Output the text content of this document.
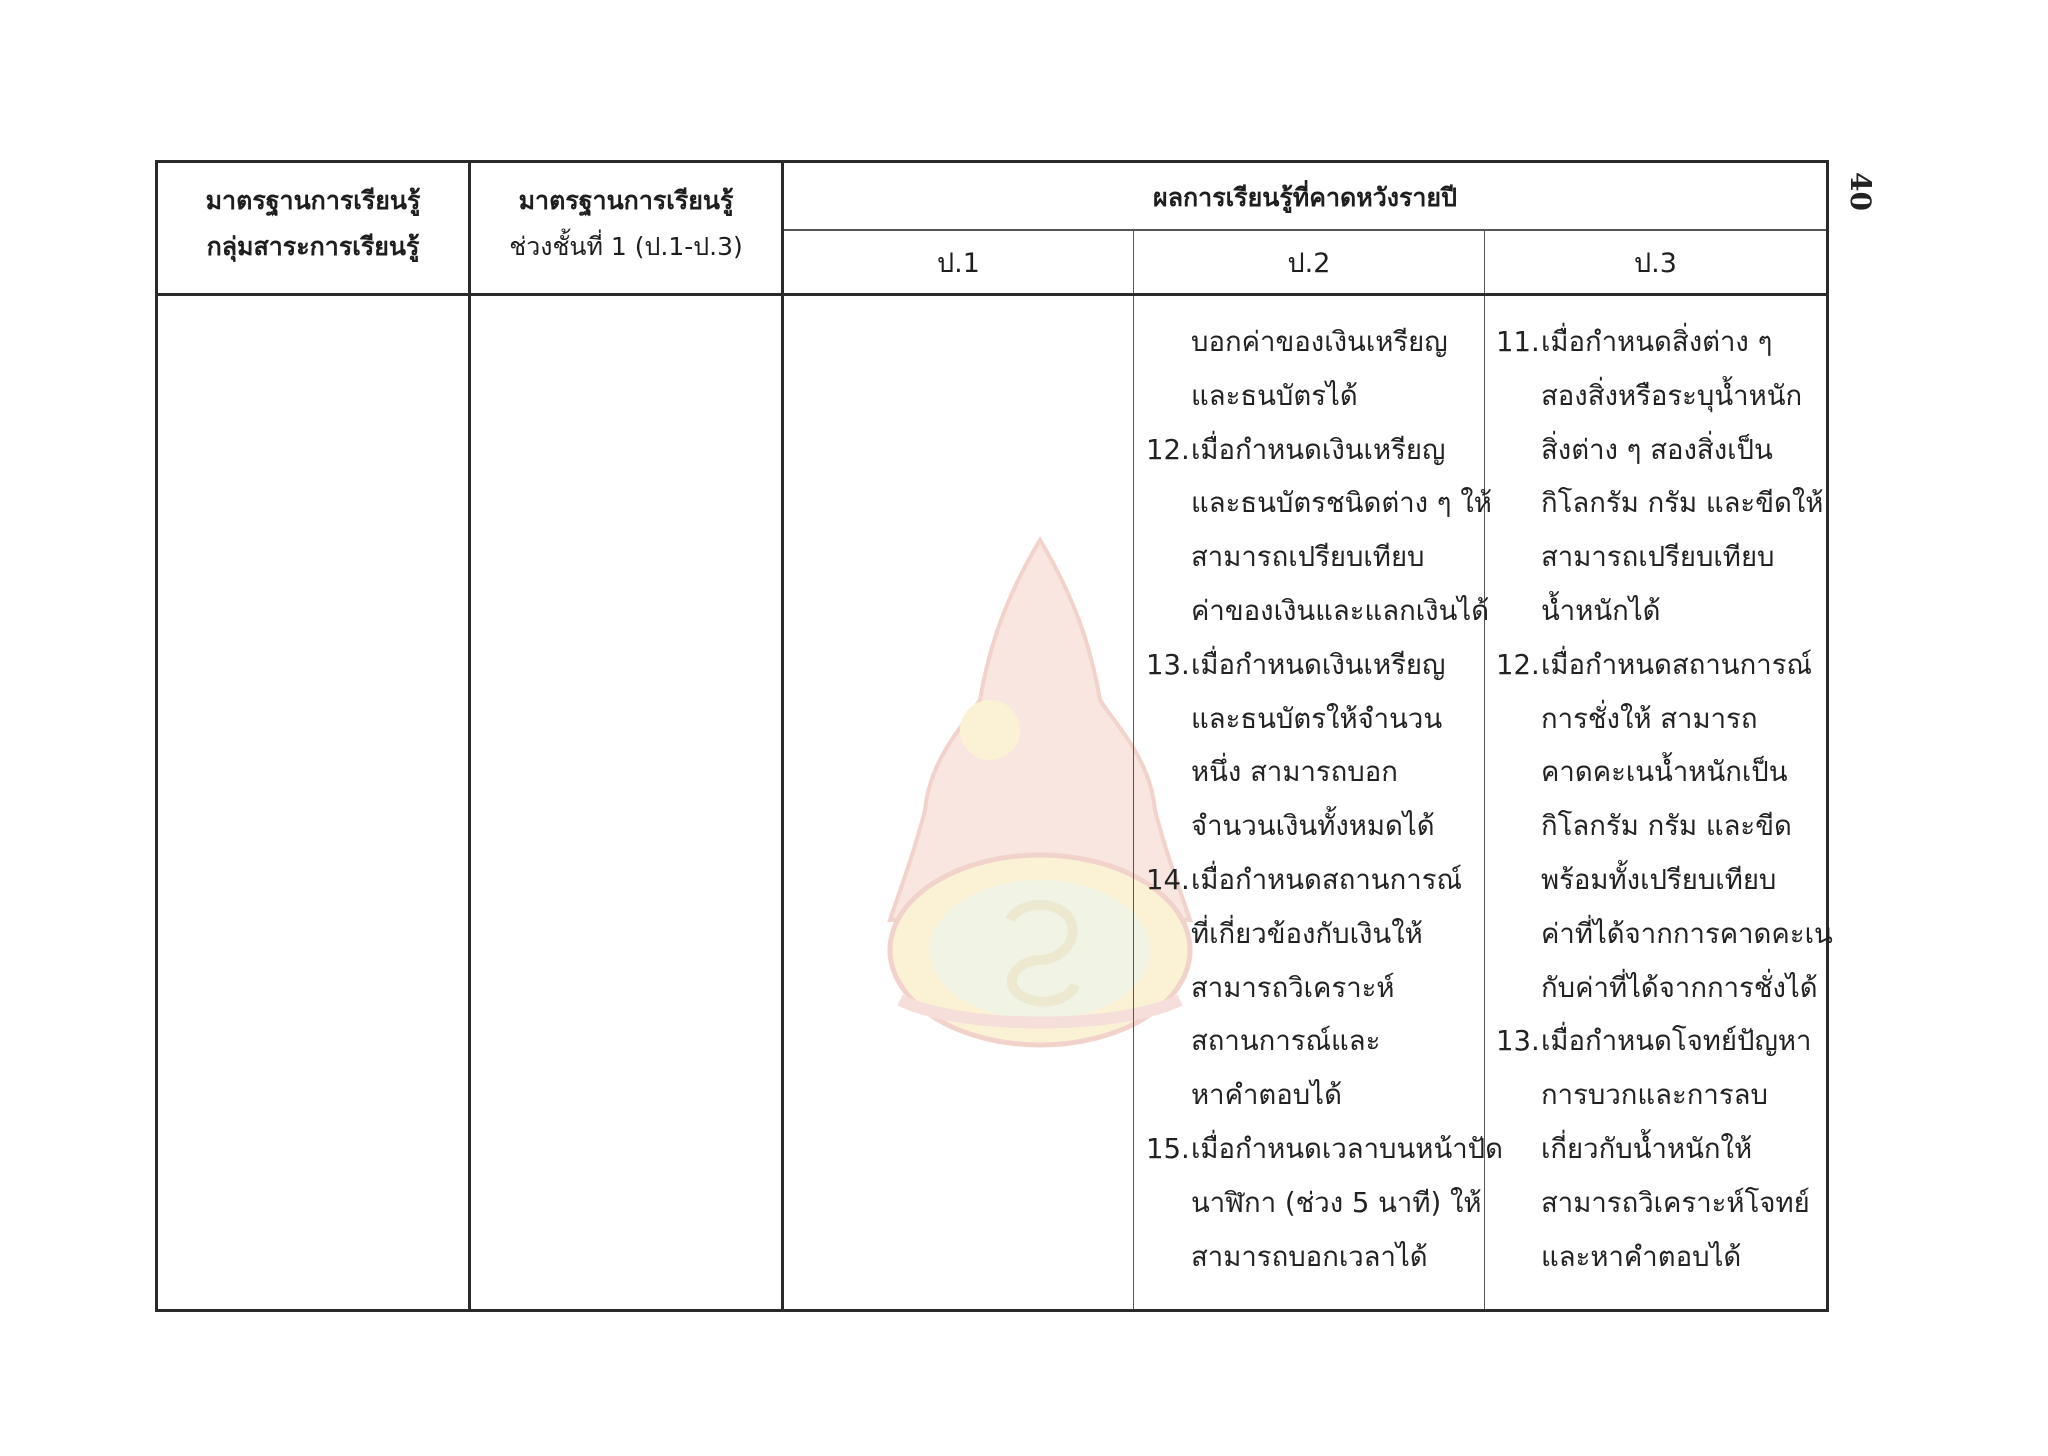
40
มาตรฐานการเรียนรู้
กลุ่มสาระการเรียนรู้
มาตรฐานการเรียนรู้
ช่วงชั้นที่ 1 (ป.1-ป.3)
ผลการเรียนรู้ที่คาดหวังรายปี
ป.1	ป.2	ป.3
บอกค่าของเงินเหรียญ
และธนบัตรได้
12. เมื่อกำหนดเงินเหรียญ
และธนบัตรชนิดต่าง ๆ ให้
สามารถเปรียบเทียบ
ค่าของเงินและแลกเงินได้
13. เมื่อกำหนดเงินเหรียญ
และธนบัตรให้จำนวน
หนึ่ง สามารถบอก
จำนวนเงินทั้งหมดได้
14. เมื่อกำหนดสถานการณ์
ที่เกี่ยวข้องกับเงินให้
สามารถวิเคราะห์
สถานการณ์และ
หาคำตอบได้
15. เมื่อกำหนดเวลาบนหน้าปัด
นาฬิกา (ช่วง 5 นาที) ให้
สามารถบอกเวลาได้
11. เมื่อกำหนดสิ่งต่าง ๆ
สองสิ่งหรือระบุน้ำหนัก
สิ่งต่าง ๆ สองสิ่งเป็น
กิโลกรัม กรัม และขีดให้
สามารถเปรียบเทียบ
น้ำหนักได้
12. เมื่อกำหนดสถานการณ์
การชั่งให้ สามารถ
คาดคะเนน้ำหนักเป็น
กิโลกรัม กรัม และขีด
พร้อมทั้งเปรียบเทียบ
ค่าที่ได้จากการคาดคะเน
กับค่าที่ได้จากการชั่งได้
13. เมื่อกำหนดโจทย์ปัญหา
การบวกและการลบ
เกี่ยวกับน้ำหนักให้
สามารถวิเคราะห์โจทย์
และหาคำตอบได้
